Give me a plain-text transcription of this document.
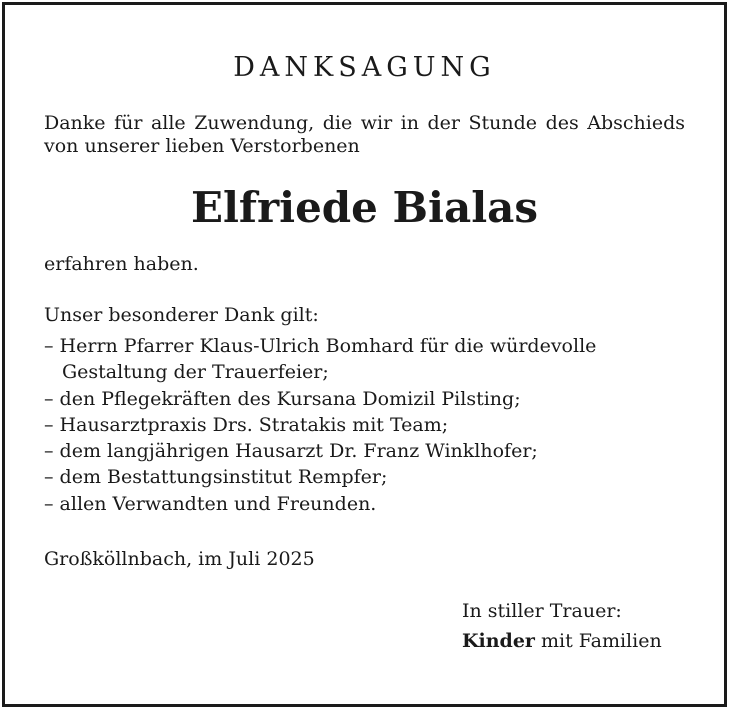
DANKSAGUNG
Danke für alle Zuwendung, die wir in der Stunde des Abschieds von unserer lieben Verstorbenen
Elfriede Bialas
erfahren haben.
Unser besonderer Dank gilt:
– Herrn Pfarrer Klaus-Ulrich Bomhard für die würdevolle Gestaltung der Trauerfeier;
– den Pflegekräften des Kursana Domizil Pilsting;
– Hausarztpraxis Drs. Stratakis mit Team;
– dem langjährigen Hausarzt Dr. Franz Winklhofer;
– dem Bestattungsinstitut Rempfer;
– allen Verwandten und Freunden.
Großköllnbach, im Juli 2025
In stiller Trauer:
Kinder mit Familien
